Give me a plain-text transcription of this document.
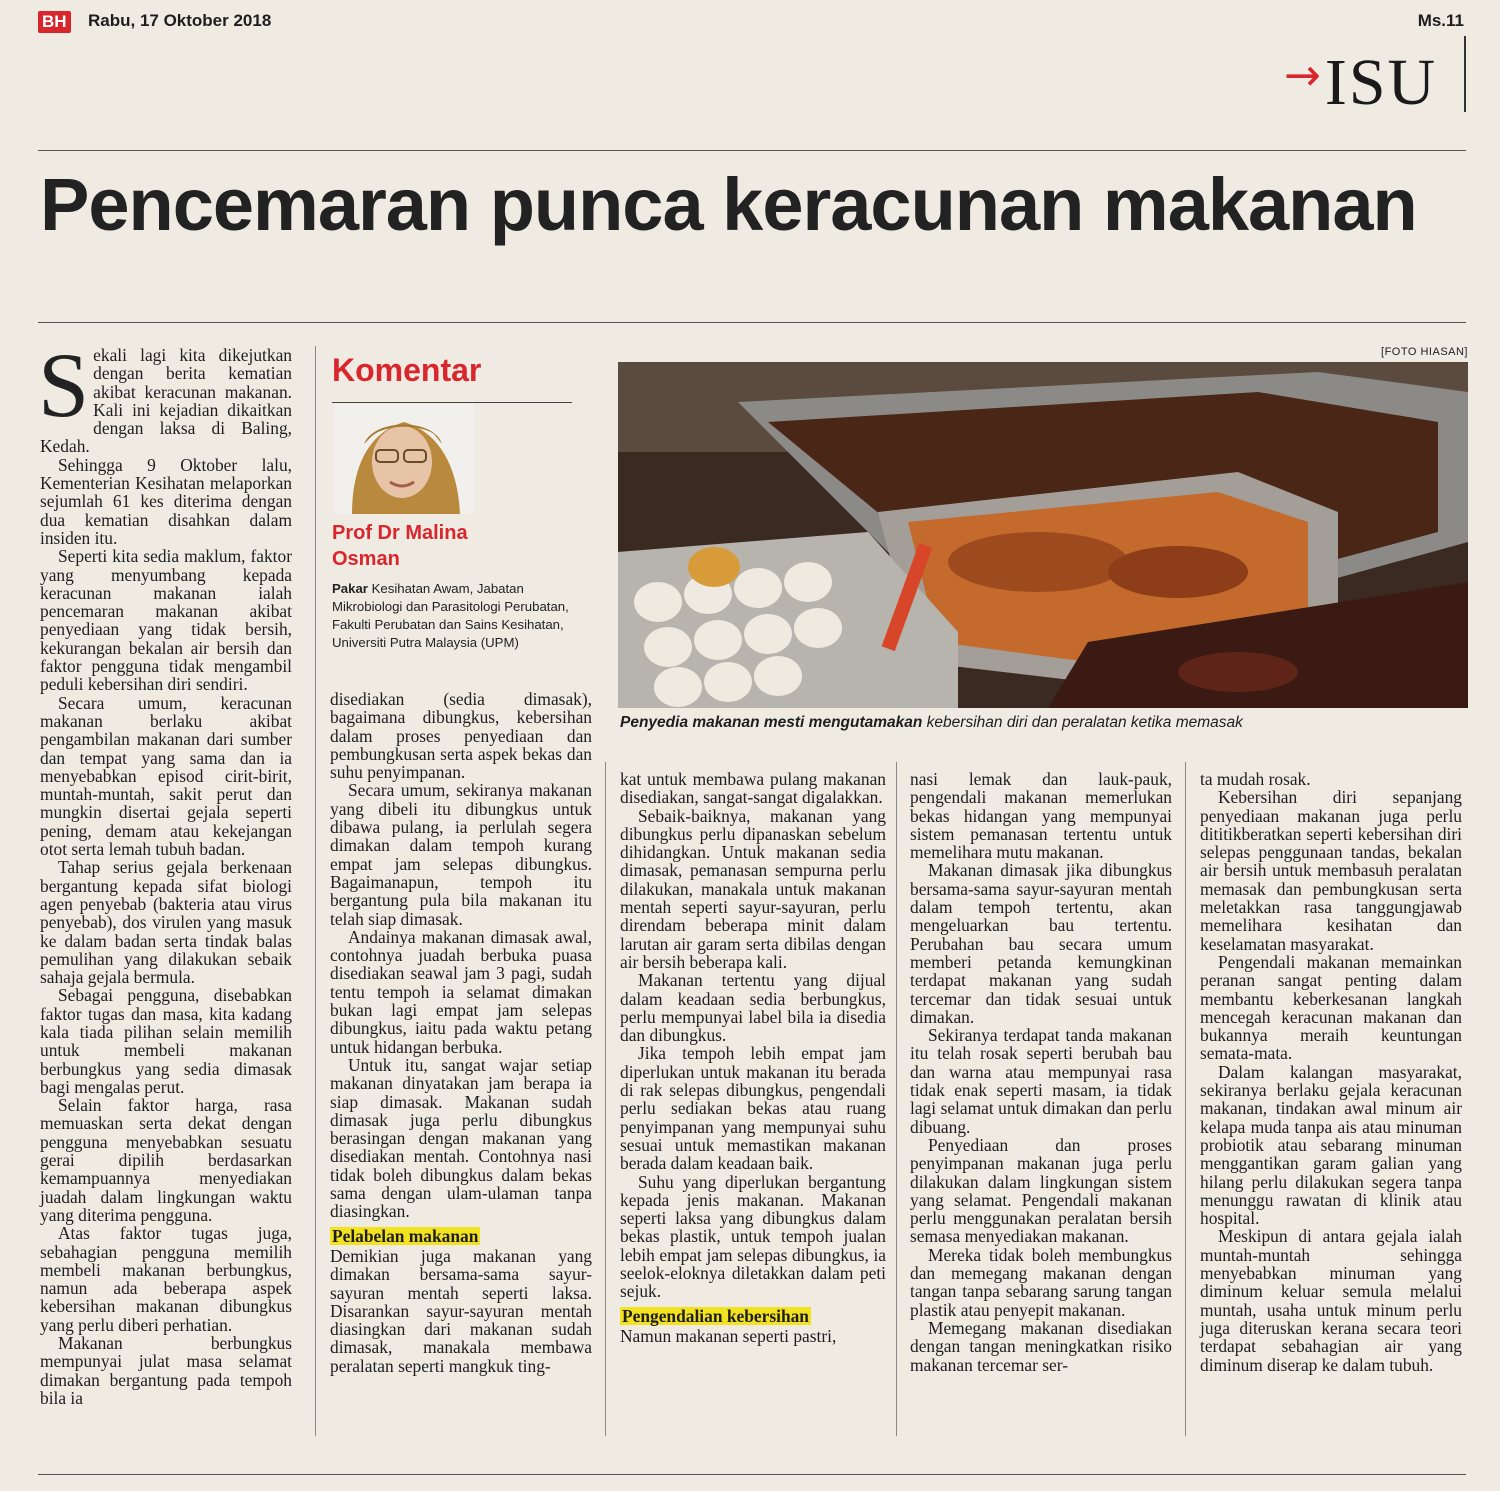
BH Rabu, 17 Oktober 2018	Ms.11
→ISU
Pencemaran punca keracunan makanan

Sekali lagi kita dikejutkan dengan berita kematian akibat keracunan makanan. Kali ini kejadian dikaitkan dengan laksa di Baling, Kedah.

Sehingga 9 Oktober lalu, Kementerian Kesihatan melaporkan sejumlah 61 kes diterima dengan dua kematian disahkan dalam insiden itu.

Seperti kita sedia maklum, faktor yang menyumbang kepada keracunan makanan ialah pencemaran makanan akibat penyediaan yang tidak bersih, kekurangan bekalan air bersih dan faktor pengguna tidak mengambil peduli kebersihan diri sendiri.

Secara umum, keracunan makanan berlaku akibat pengambilan makanan dari sumber dan tempat yang sama dan ia menyebabkan episod cirit-birit, muntah-muntah, sakit perut dan mungkin disertai gejala seperti pening, demam atau kekejangan otot serta lemah tubuh badan.

Tahap serius gejala berkenaan bergantung kepada sifat biologi agen penyebab (bakteria atau virus penyebab), dos virulen yang masuk ke dalam badan serta tindak balas pemulihan yang dilakukan sebaik sahaja gejala bermula.

Sebagai pengguna, disebabkan faktor tugas dan masa, kita kadang kala tiada pilihan selain memilih untuk membeli makanan berbungkus yang sedia dimasak bagi mengalas perut.

Selain faktor harga, rasa memuaskan serta dekat dengan pengguna menyebabkan sesuatu gerai dipilih berdasarkan kemampuannya menyediakan juadah dalam lingkungan waktu yang diterima pengguna.

Atas faktor tugas juga, sebahagian pengguna memilih membeli makanan berbungkus, namun ada beberapa aspek kebersihan makanan dibungkus yang perlu diberi perhatian.

Makanan berbungkus mempunyai julat masa selamat dimakan bergantung pada tempoh bila ia

Komentar
Prof Dr Malina
Osman
Pakar Kesihatan Awam, Jabatan Mikrobiologi dan Parasitologi Perubatan, Fakulti Perubatan dan Sains Kesihatan, Universiti Putra Malaysia (UPM)

disediakan (sedia dimasak), bagaimana dibungkus, kebersihan dalam proses penyediaan dan pembungkusan serta aspek bekas dan suhu penyimpanan.

Secara umum, sekiranya makanan yang dibeli itu dibungkus untuk dibawa pulang, ia perlulah segera dimakan dalam tempoh kurang empat jam selepas dibungkus. Bagaimanapun, tempoh itu bergantung pula bila makanan itu telah siap dimasak.

Andainya makanan dimasak awal, contohnya juadah berbuka puasa disediakan seawal jam 3 pagi, sudah tentu tempoh ia selamat dimakan bukan lagi empat jam selepas dibungkus, iaitu pada waktu petang untuk hidangan berbuka.

Untuk itu, sangat wajar setiap makanan dinyatakan jam berapa ia siap dimasak. Makanan sudah dimasak juga perlu dibungkus berasingan dengan makanan yang disediakan mentah. Contohnya nasi tidak boleh dibungkus dalam bekas sama dengan ulam-ulaman tanpa diasingkan.

Pelabelan makanan

Demikian juga makanan yang dimakan bersama-sama sayur-sayuran mentah seperti laksa. Disarankan sayur-sayuran mentah diasingkan dari makanan sudah dimasak, manakala membawa peralatan seperti mangkuk ting-

[FOTO HIASAN]
Penyedia makanan mesti mengutamakan kebersihan diri dan peralatan ketika memasak

kat untuk membawa pulang makanan disediakan, sangat-sangat digalakkan.

Sebaik-baiknya, makanan yang dibungkus perlu dipanaskan sebelum dihidangkan. Untuk makanan sedia dimasak, pemanasan sempurna perlu dilakukan, manakala untuk makanan mentah seperti sayur-sayuran, perlu direndam beberapa minit dalam larutan air garam serta dibilas dengan air bersih beberapa kali.

Makanan tertentu yang dijual dalam keadaan sedia berbungkus, perlu mempunyai label bila ia disedia dan dibungkus.

Jika tempoh lebih empat jam diperlukan untuk makanan itu berada di rak selepas dibungkus, pengendali perlu sediakan bekas atau ruang penyimpanan yang mempunyai suhu sesuai untuk memastikan makanan berada dalam keadaan baik.

Suhu yang diperlukan bergantung kepada jenis makanan. Makanan seperti laksa yang dibungkus dalam bekas plastik, untuk tempoh jualan lebih empat jam selepas dibungkus, ia seelok-eloknya diletakkan dalam peti sejuk.

Pengendalian kebersihan

Namun makanan seperti pastri,

nasi lemak dan lauk-pauk, pengendali makanan memerlukan bekas hidangan yang mempunyai sistem pemanasan tertentu untuk memelihara mutu makanan.

Makanan dimasak jika dibungkus bersama-sama sayur-sayuran mentah dalam tempoh tertentu, akan mengeluarkan bau tertentu. Perubahan bau secara umum memberi petanda kemungkinan terdapat makanan yang sudah tercemar dan tidak sesuai untuk dimakan.

Sekiranya terdapat tanda makanan itu telah rosak seperti berubah bau dan warna atau mempunyai rasa tidak enak seperti masam, ia tidak lagi selamat untuk dimakan dan perlu dibuang.

Penyediaan dan proses penyimpanan makanan juga perlu dilakukan dalam lingkungan sistem yang selamat. Pengendali makanan perlu menggunakan peralatan bersih semasa menyediakan makanan.

Mereka tidak boleh membungkus dan memegang makanan dengan tangan tanpa sebarang sarung tangan plastik atau penyepit makanan.

Memegang makanan disediakan dengan tangan meningkatkan risiko makanan tercemar ser-

ta mudah rosak.

Kebersihan diri sepanjang penyediaan makanan juga perlu dititikberatkan seperti kebersihan diri selepas penggunaan tandas, bekalan air bersih untuk membasuh peralatan memasak dan pembungkusan serta meletakkan rasa tanggungjawab memelihara kesihatan dan keselamatan masyarakat.

Pengendali makanan memainkan peranan sangat penting dalam membantu keberkesanan langkah mencegah keracunan makanan dan bukannya meraih keuntungan semata-mata.

Dalam kalangan masyarakat, sekiranya berlaku gejala keracunan makanan, tindakan awal minum air kelapa muda tanpa ais atau minuman probiotik atau sebarang minuman menggantikan garam galian yang hilang perlu dilakukan segera tanpa menunggu rawatan di klinik atau hospital.

Meskipun di antara gejala ialah muntah-muntah sehingga menyebabkan minuman yang diminum keluar semula melalui muntah, usaha untuk minum perlu juga diteruskan kerana secara teori terdapat sebahagian air yang diminum diserap ke dalam tubuh.
